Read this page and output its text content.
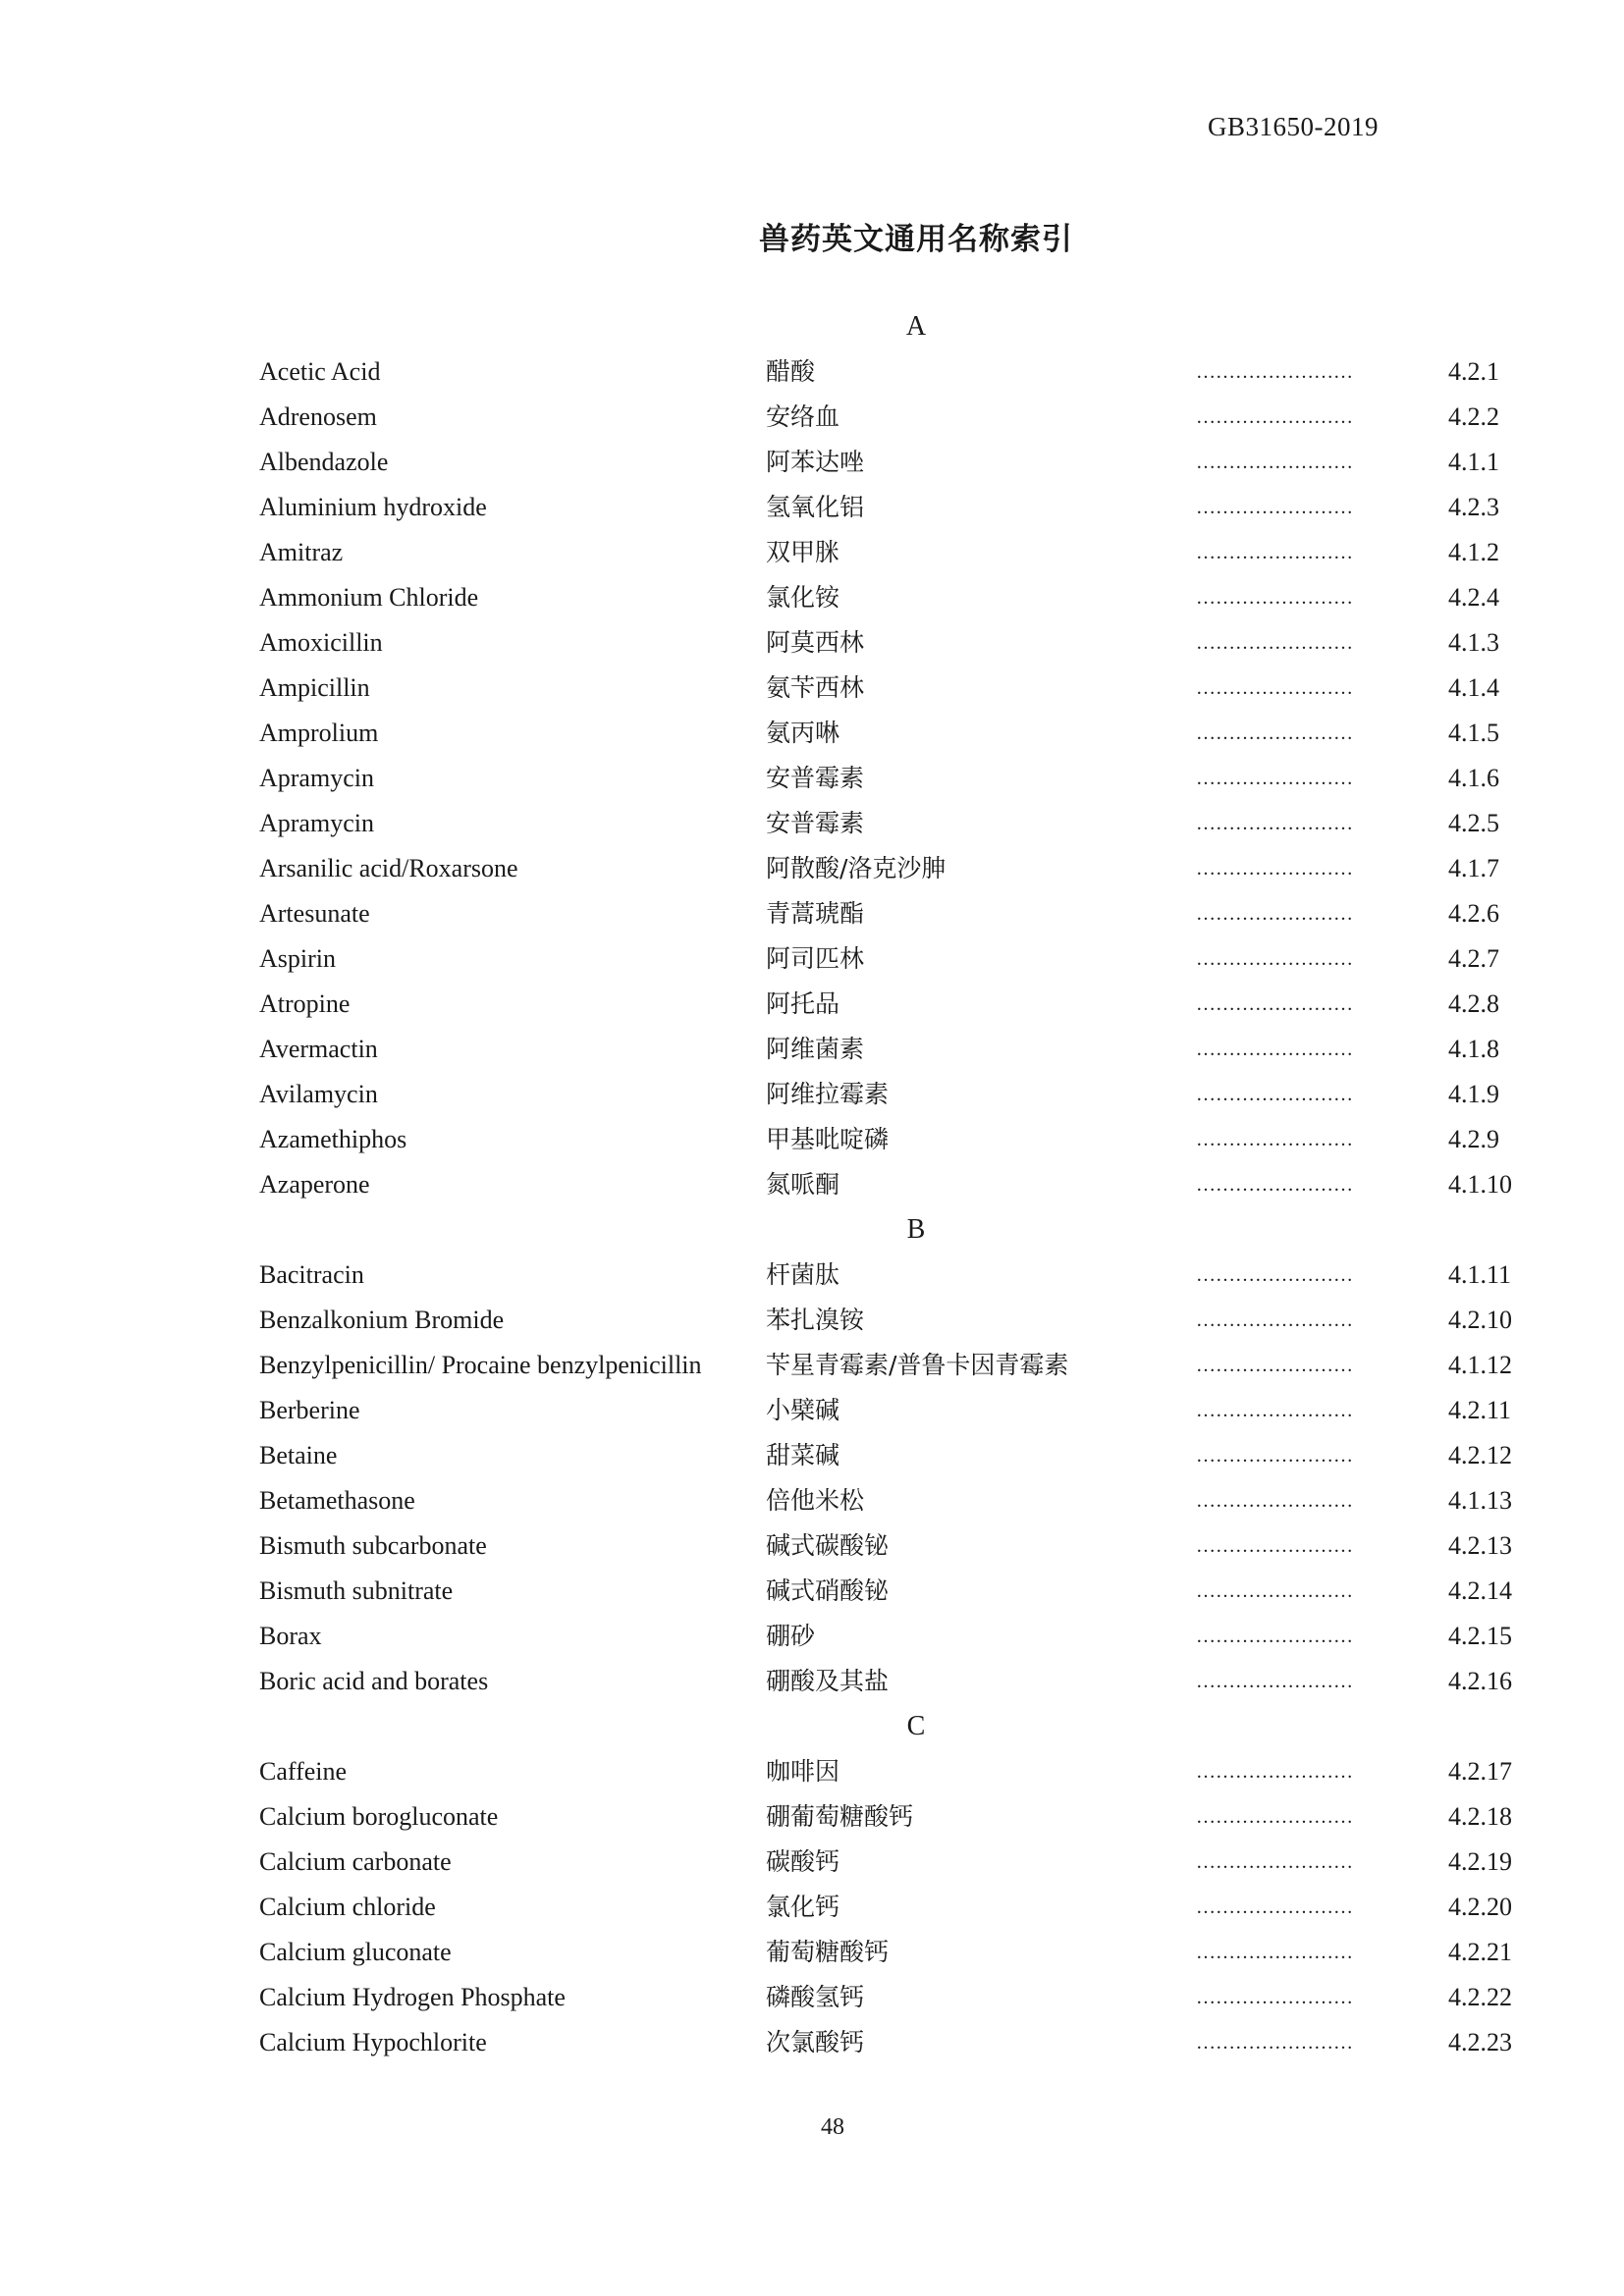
GB31650-2019
兽药英文通用名称索引
A
Acetic Acid	醋酸	……………………	4.2.1
Adrenosem	安络血	……………………	4.2.2
Albendazole	阿苯达唑	……………………	4.1.1
Aluminium hydroxide	氢氧化铝	……………………	4.2.3
Amitraz	双甲脒	……………………	4.1.2
Ammonium Chloride	氯化铵	……………………	4.2.4
Amoxicillin	阿莫西林	……………………	4.1.3
Ampicillin	氨苄西林	……………………	4.1.4
Amprolium	氨丙啉	……………………	4.1.5
Apramycin	安普霉素	……………………	4.1.6
Apramycin	安普霉素	……………………	4.2.5
Arsanilic acid/Roxarsone	阿散酸/洛克沙胂	……………………	4.1.7
Artesunate	青蒿琥酯	……………………	4.2.6
Aspirin	阿司匹林	……………………	4.2.7
Atropine	阿托品	……………………	4.2.8
Avermactin	阿维菌素	……………………	4.1.8
Avilamycin	阿维拉霉素	……………………	4.1.9
Azamethiphos	甲基吡啶磷	……………………	4.2.9
Azaperone	氮哌酮	……………………	4.1.10
B
Bacitracin	杆菌肽	……………………	4.1.11
Benzalkonium Bromide	苯扎溴铵	……………………	4.2.10
Benzylpenicillin/ Procaine benzylpenicillin	苄星青霉素/普鲁卡因青霉素	……………………	4.1.12
Berberine	小檗碱	……………………	4.2.11
Betaine	甜菜碱	……………………	4.2.12
Betamethasone	倍他米松	……………………	4.1.13
Bismuth subcarbonate	碱式碳酸铋	……………………	4.2.13
Bismuth subnitrate	碱式硝酸铋	……………………	4.2.14
Borax	硼砂	……………………	4.2.15
Boric acid and borates	硼酸及其盐	……………………	4.2.16
C
Caffeine	咖啡因	……………………	4.2.17
Calcium borogluconate	硼葡萄糖酸钙	……………………	4.2.18
Calcium carbonate	碳酸钙	……………………	4.2.19
Calcium chloride	氯化钙	……………………	4.2.20
Calcium gluconate	葡萄糖酸钙	……………………	4.2.21
Calcium Hydrogen Phosphate	磷酸氢钙	……………………	4.2.22
Calcium Hypochlorite	次氯酸钙	……………………	4.2.23
48
